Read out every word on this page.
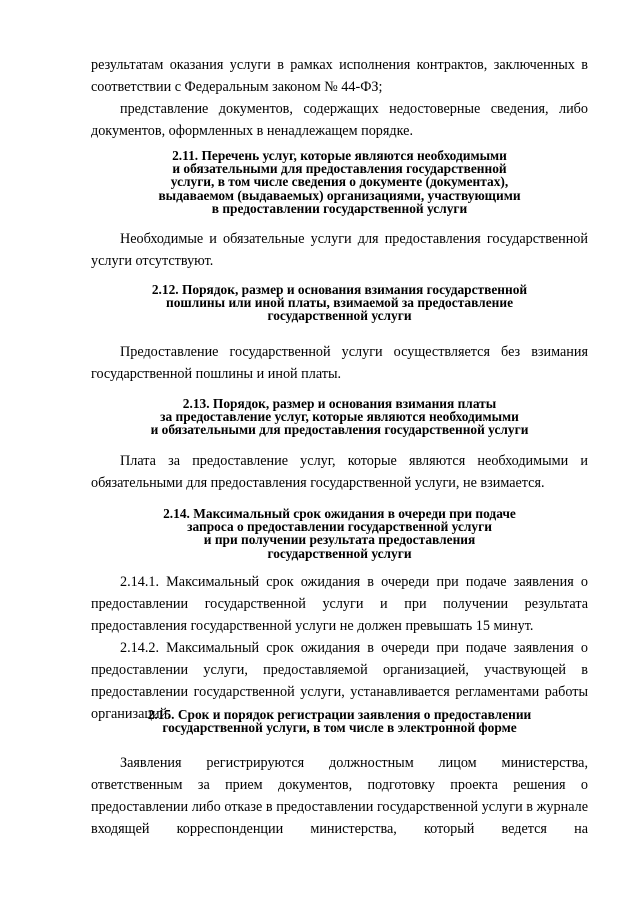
результатам оказания услуги в рамках исполнения контрактов, заключенных в

соответствии с Федеральным законом № 44-ФЗ;

представление документов, содержащих недостоверные сведения, либо документов, оформленных в ненадлежащем порядке.

2.11. Перечень услуг, которые являются необходимыми
и обязательными для предоставления государственной
услуги, в том числе сведения о документе (документах),
выдаваемом (выдаваемых) организациями, участвующими
в предоставлении государственной услуги

Необходимые и обязательные услуги для предоставления государственной услуги отсутствуют.

2.12. Порядок, размер и основания взимания государственной
пошлины или иной платы, взимаемой за предоставление
государственной услуги

Предоставление государственной услуги осуществляется без взимания государственной пошлины и иной платы.

2.13. Порядок, размер и основания взимания платы
за предоставление услуг, которые являются необходимыми
и обязательными для предоставления государственной услуги

Плата за предоставление услуг, которые являются необходимыми и обязательными для предоставления государственной услуги, не взимается.

2.14. Максимальный срок ожидания в очереди при подаче
запроса о предоставлении государственной услуги
и при получении результата предоставления
государственной услуги

2.14.1. Максимальный срок ожидания в очереди при подаче заявления о предоставлении государственной услуги и при получении результата предоставления государственной услуги не должен превышать 15 минут.

2.14.2. Максимальный срок ожидания в очереди при подаче заявления о предоставлении услуги, предоставляемой организацией, участвующей в предоставлении государственной услуги, устанавливается регламентами работы организаций.

2.15. Срок и порядок регистрации заявления о предоставлении
государственной услуги, в том числе в электронной форме

Заявления регистрируются должностным лицом министерства, ответственным за прием документов, подготовку проекта решения о предоставлении либо отказе в предоставлении государственной услуги в журнале входящей корреспонденции министерства, который ведется на
